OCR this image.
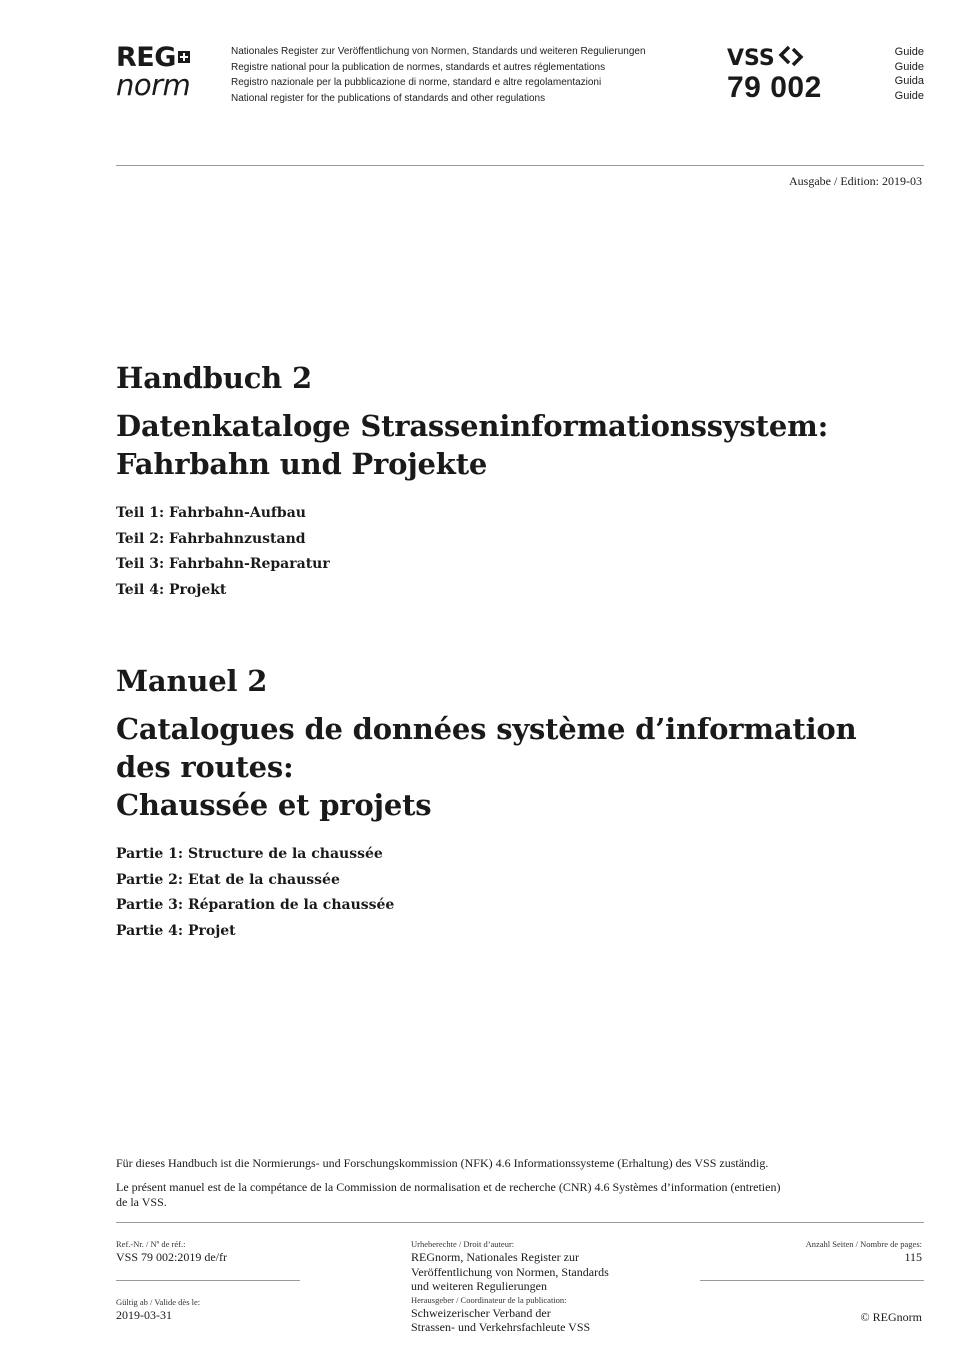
REG
norm
Nationales Register zur Veröffentlichung von Normen, Standards und weiteren Regulierungen
Registre national pour la publication de normes, standards et autres réglementations
Registro nazionale per la pubblicazione di norme, standard e altre regolamentazioni
National register for the publications of standards and other regulations
VSS
79 002
Guide
Guide
Guida
Guide
Ausgabe / Edition: 2019-03
Handbuch 2
Datenkataloge Strasseninformationssystem:
Fahrbahn und Projekte
Teil 1: Fahrbahn-Aufbau
Teil 2: Fahrbahnzustand
Teil 3: Fahrbahn-Reparatur
Teil 4: Projekt
Manuel 2
Catalogues de données système d’information
des routes:
Chaussée et projets
Partie 1: Structure de la chaussée
Partie 2: Etat de la chaussée
Partie 3: Réparation de la chaussée
Partie 4: Projet
Für dieses Handbuch ist die Normierungs- und Forschungskommission (NFK) 4.6 Informationssysteme (Erhaltung) des VSS zuständig.
Le présent manuel est de la compétance de la Commission de normalisation et de recherche (CNR) 4.6 Systèmes d’information (entretien)
de la VSS.
Ref.-Nr. / Nº de réf.:
VSS 79 002:2019 de/fr
Gültig ab / Valide dès le:
2019-03-31
Urheberechte / Droit d’auteur:
REGnorm, Nationales Register zur
Veröffentlichung von Normen, Standards
und weiteren Regulierungen
Herausgeber / Coordinateur de la publication:
Schweizerischer Verband der
Strassen- und Verkehrsfachleute VSS
Anzahl Seiten / Nombre de pages:
115
© REGnorm
